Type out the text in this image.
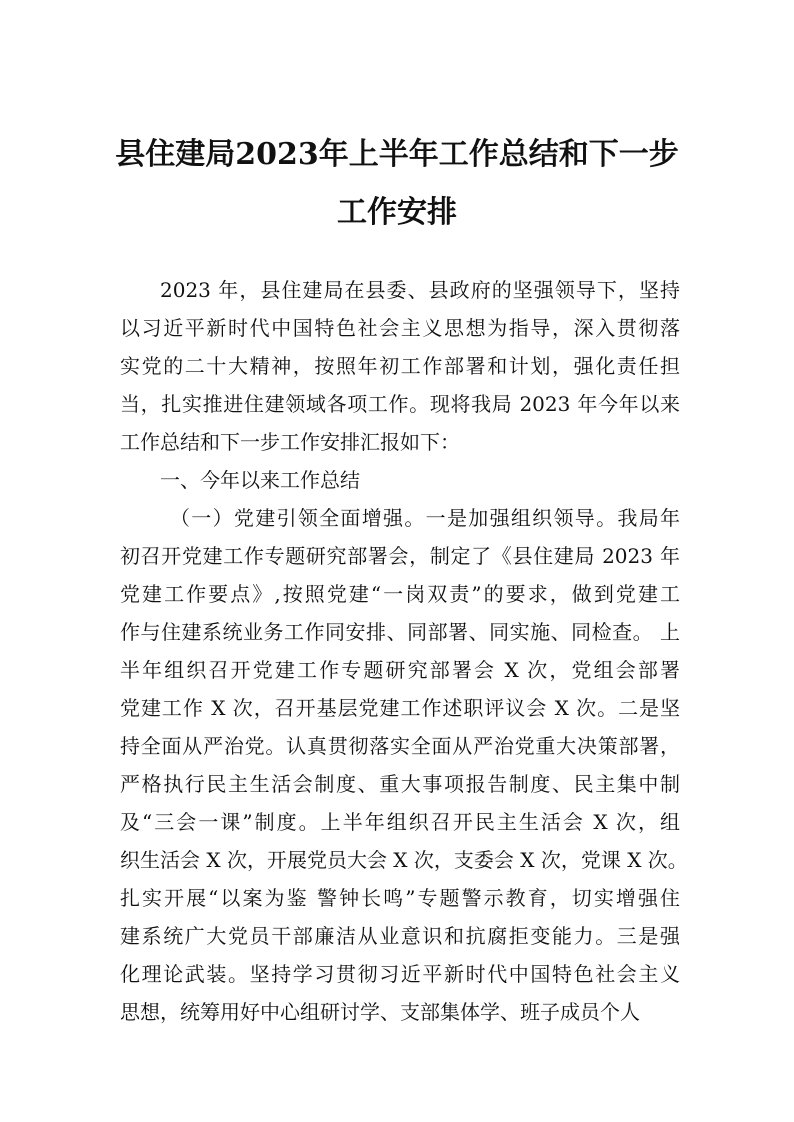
县住建局2023年上半年工作总结和下一步
工作安排
2023 年，县住建局在县委、县政府的坚强领导下，坚持
以习近平新时代中国特色社会主义思想为指导，深入贯彻落
实党的二十大精神，按照年初工作部署和计划，强化责任担
当，扎实推进住建领域各项工作。现将我局 2023 年今年以来
工作总结和下一步工作安排汇报如下：
一、今年以来工作总结
（一）党建引领全面增强。一是加强组织领导。我局年
初召开党建工作专题研究部署会，制定了《县住建局 2023 年
党建工作要点》,按照党建“一岗双责”的要求，做到党建工
作与住建系统业务工作同安排、同部署、同实施、同检查。 上
半年组织召开党建工作专题研究部署会 X 次，党组会部署
党建工作 X 次，召开基层党建工作述职评议会 X 次。二是坚
持全面从严治党。认真贯彻落实全面从严治党重大决策部署，
严格执行民主生活会制度、重大事项报告制度、民主集中制
及“三会一课”制度。上半年组织召开民主生活会 X 次，组
织生活会 X 次，开展党员大会 X 次，支委会 X 次，党课 X 次。
扎实开展“以案为鉴 警钟长鸣”专题警示教育，切实增强住
建系统广大党员干部廉洁从业意识和抗腐拒变能力。三是强
化理论武装。坚持学习贯彻习近平新时代中国特色社会主义
思想，统筹用好中心组研讨学、支部集体学、班子成员个人
